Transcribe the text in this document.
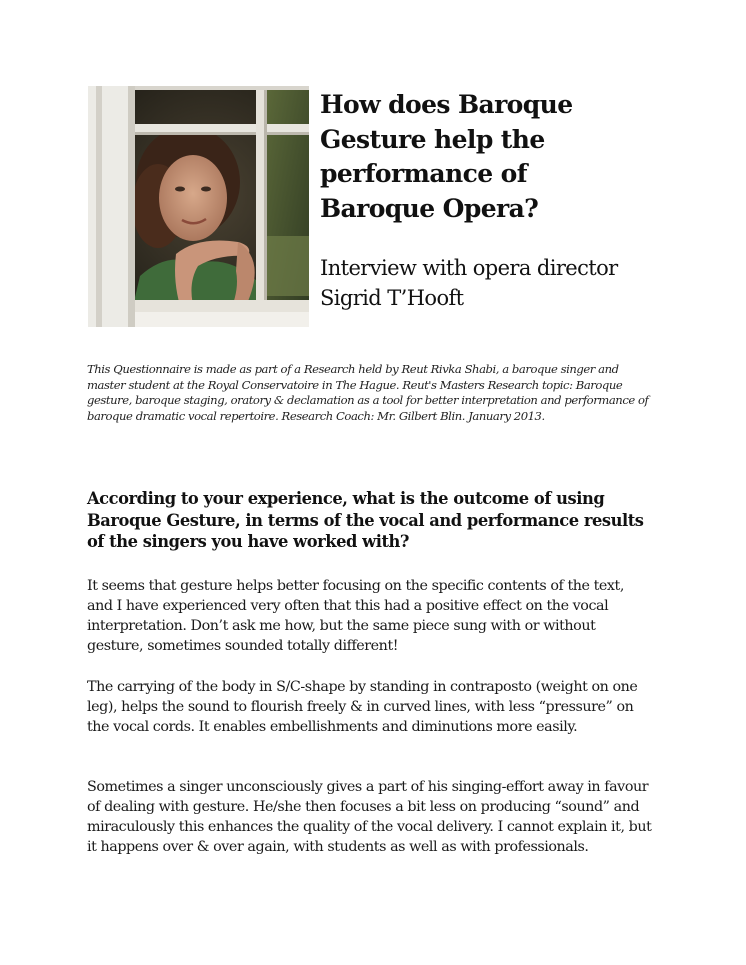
How does Baroque Gesture help the performance of Baroque Opera?
Interview with opera director Sigrid T’Hooft

This Questionnaire is made as part of a Research held by Reut Rivka Shabi, a baroque singer and master student at the Royal Conservatoire in The Hague. Reut's Masters Research topic: Baroque gesture, baroque staging, oratory & declamation as a tool for better interpretation and performance of baroque dramatic vocal repertoire. Research Coach: Mr. Gilbert Blin. January 2013.

According to your experience, what is the outcome of using Baroque Gesture, in terms of the vocal and performance results of the singers you have worked with?

It seems that gesture helps better focusing on the specific contents of the text, and I have experienced very often that this had a positive effect on the vocal interpretation. Don’t ask me how, but the same piece sung with or without gesture, sometimes sounded totally different!

The carrying of the body in S/C-shape by standing in contraposto (weight on one leg), helps the sound to flourish freely & in curved lines, with less “pressure” on the vocal cords. It enables embellishments and diminutions more easily.

Sometimes a singer unconsciously gives a part of his singing-effort away in favour of dealing with gesture. He/she then focuses a bit less on producing “sound” and miraculously this enhances the quality of the vocal delivery. I cannot explain it, but it happens over & over again, with students as well as with professionals.
